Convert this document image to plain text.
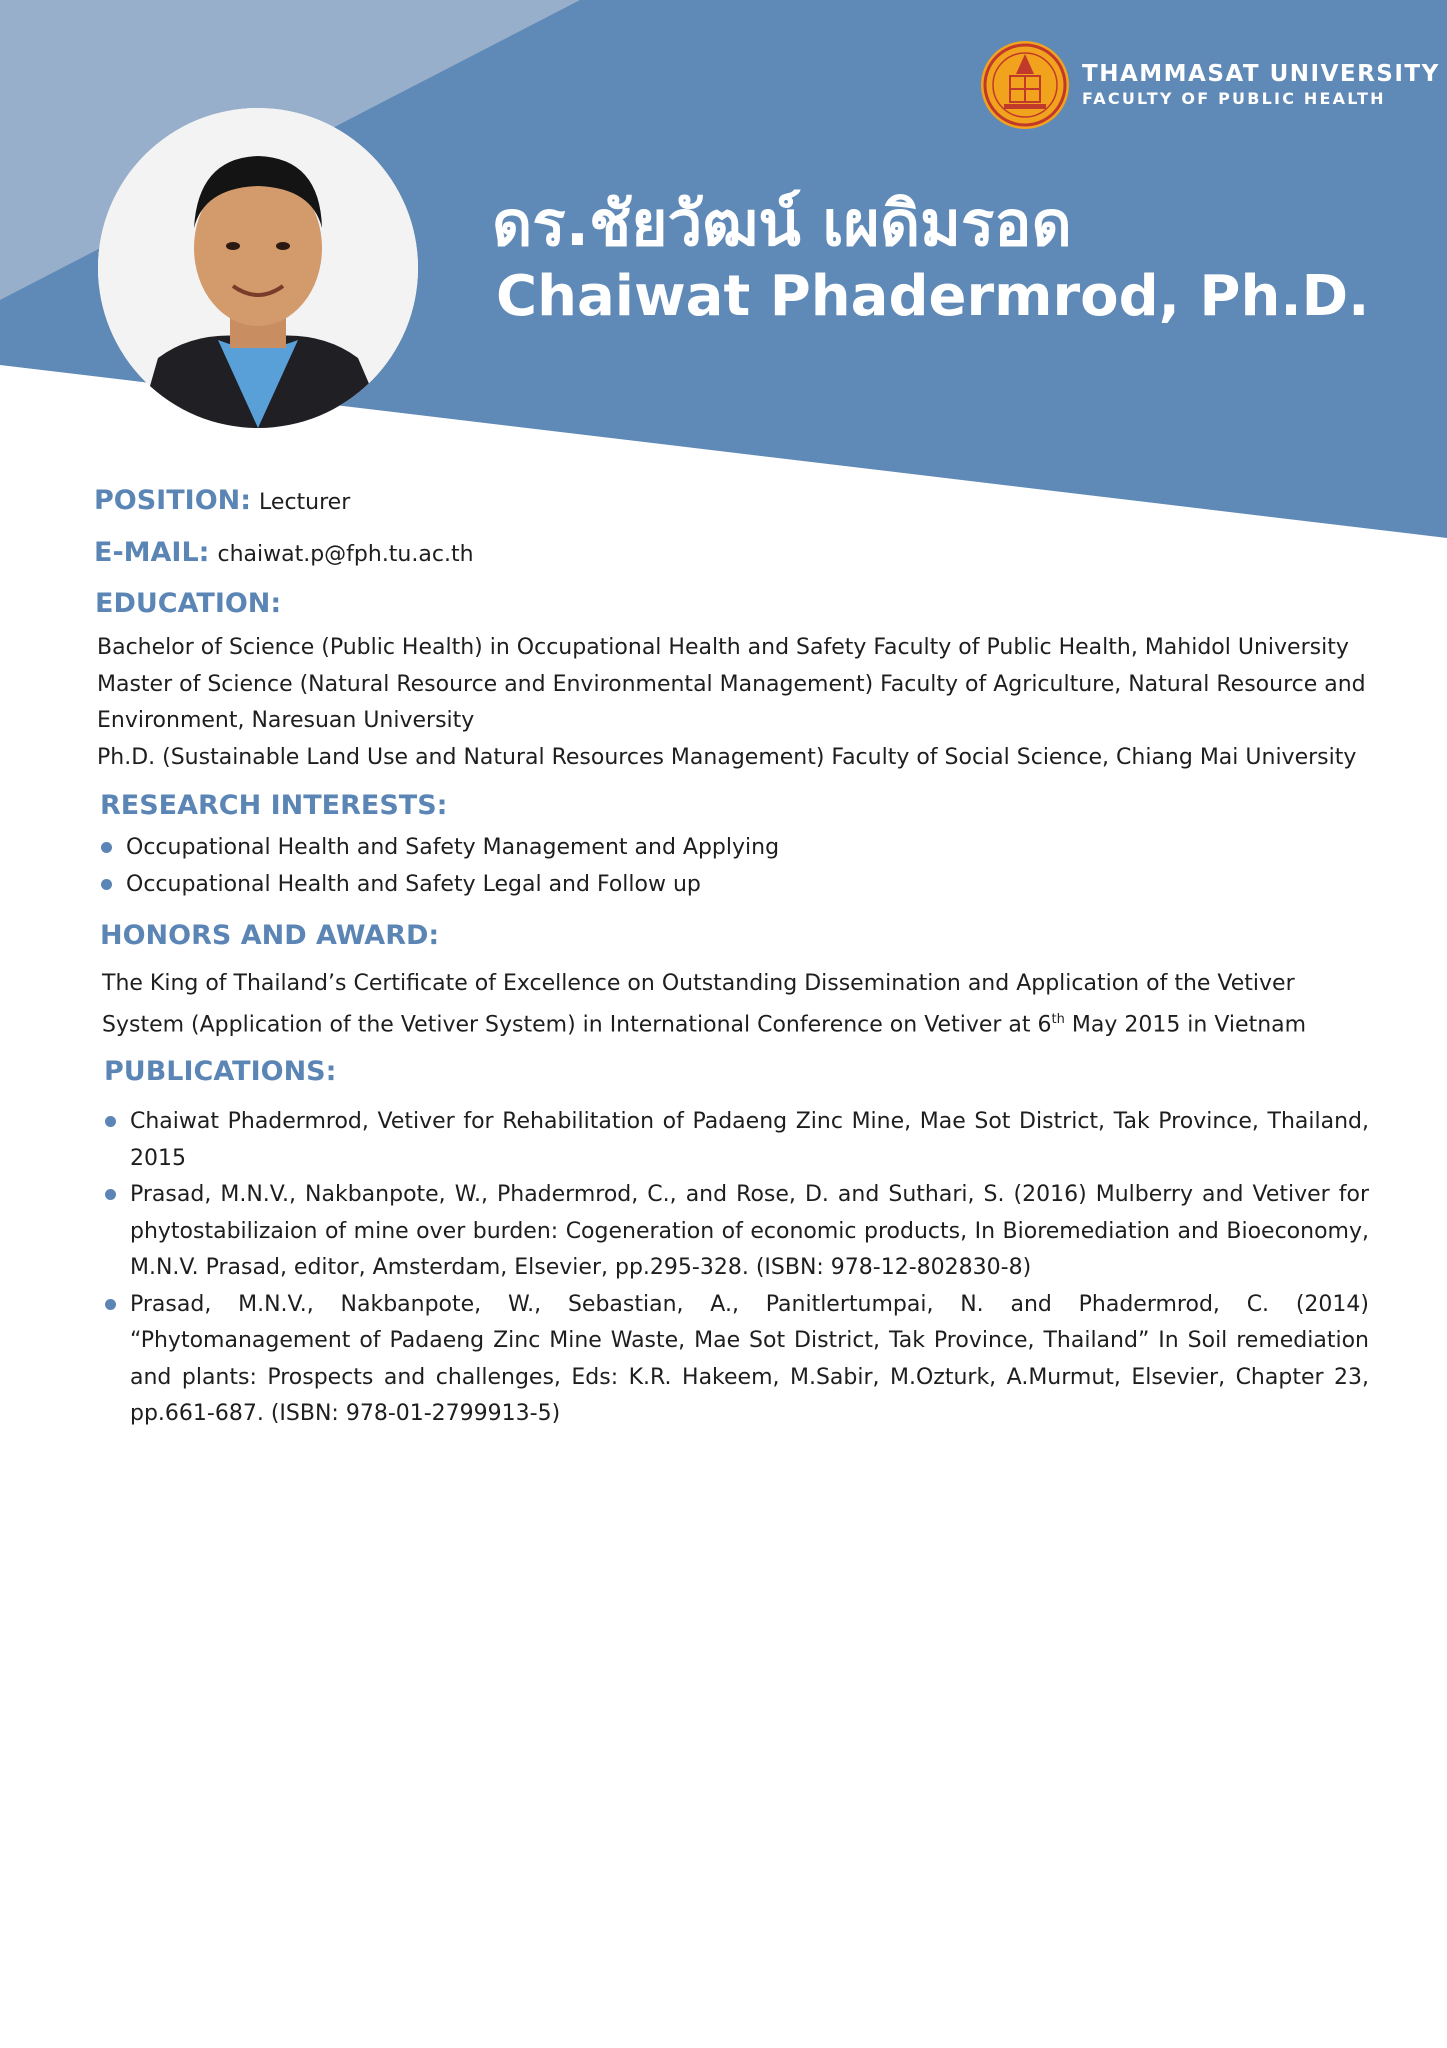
THAMMASAT UNIVERSITY
FACULTY OF PUBLIC HEALTH
ดร.ชัยวัฒน์ เผดิมรอด
Chaiwat Phadermrod, Ph.D.
POSITION: Lecturer
E-MAIL: chaiwat.p@fph.tu.ac.th
EDUCATION:
Bachelor of Science (Public Health) in Occupational Health and Safety Faculty of Public Health, Mahidol University
Master of Science (Natural Resource and Environmental Management) Faculty of Agriculture, Natural Resource and
Environment, Naresuan University
Ph.D. (Sustainable Land Use and Natural Resources Management) Faculty of Social Science, Chiang Mai University
RESEARCH INTERESTS:
Occupational Health and Safety Management and Applying
Occupational Health and Safety Legal and Follow up
HONORS AND AWARD:
The King of Thailand’s Certificate of Excellence on Outstanding Dissemination and Application of the Vetiver
System (Application of the Vetiver System) in International Conference on Vetiver at 6th May 2015 in Vietnam
PUBLICATIONS:
Chaiwat Phadermrod, Vetiver for Rehabilitation of Padaeng Zinc Mine, Mae Sot District, Tak Province, Thailand, 2015
Prasad, M.N.V., Nakbanpote, W., Phadermrod, C., and Rose, D. and Suthari, S. (2016) Mulberry and Vetiver for phytostabilizaion of mine over burden: Cogeneration of economic products, In Bioremediation and Bioeconomy, M.N.V. Prasad, editor, Amsterdam, Elsevier, pp.295-328. (ISBN: 978-12-802830-8)
Prasad, M.N.V., Nakbanpote, W., Sebastian, A., Panitlertumpai, N. and Phadermrod, C. (2014) “Phytomanagement of Padaeng Zinc Mine Waste, Mae Sot District, Tak Province, Thailand” In Soil remediation and plants: Prospects and challenges, Eds: K.R. Hakeem, M.Sabir, M.Ozturk, A.Murmut, Elsevier, Chapter 23, pp.661-687. (ISBN: 978-01-2799913-5)
